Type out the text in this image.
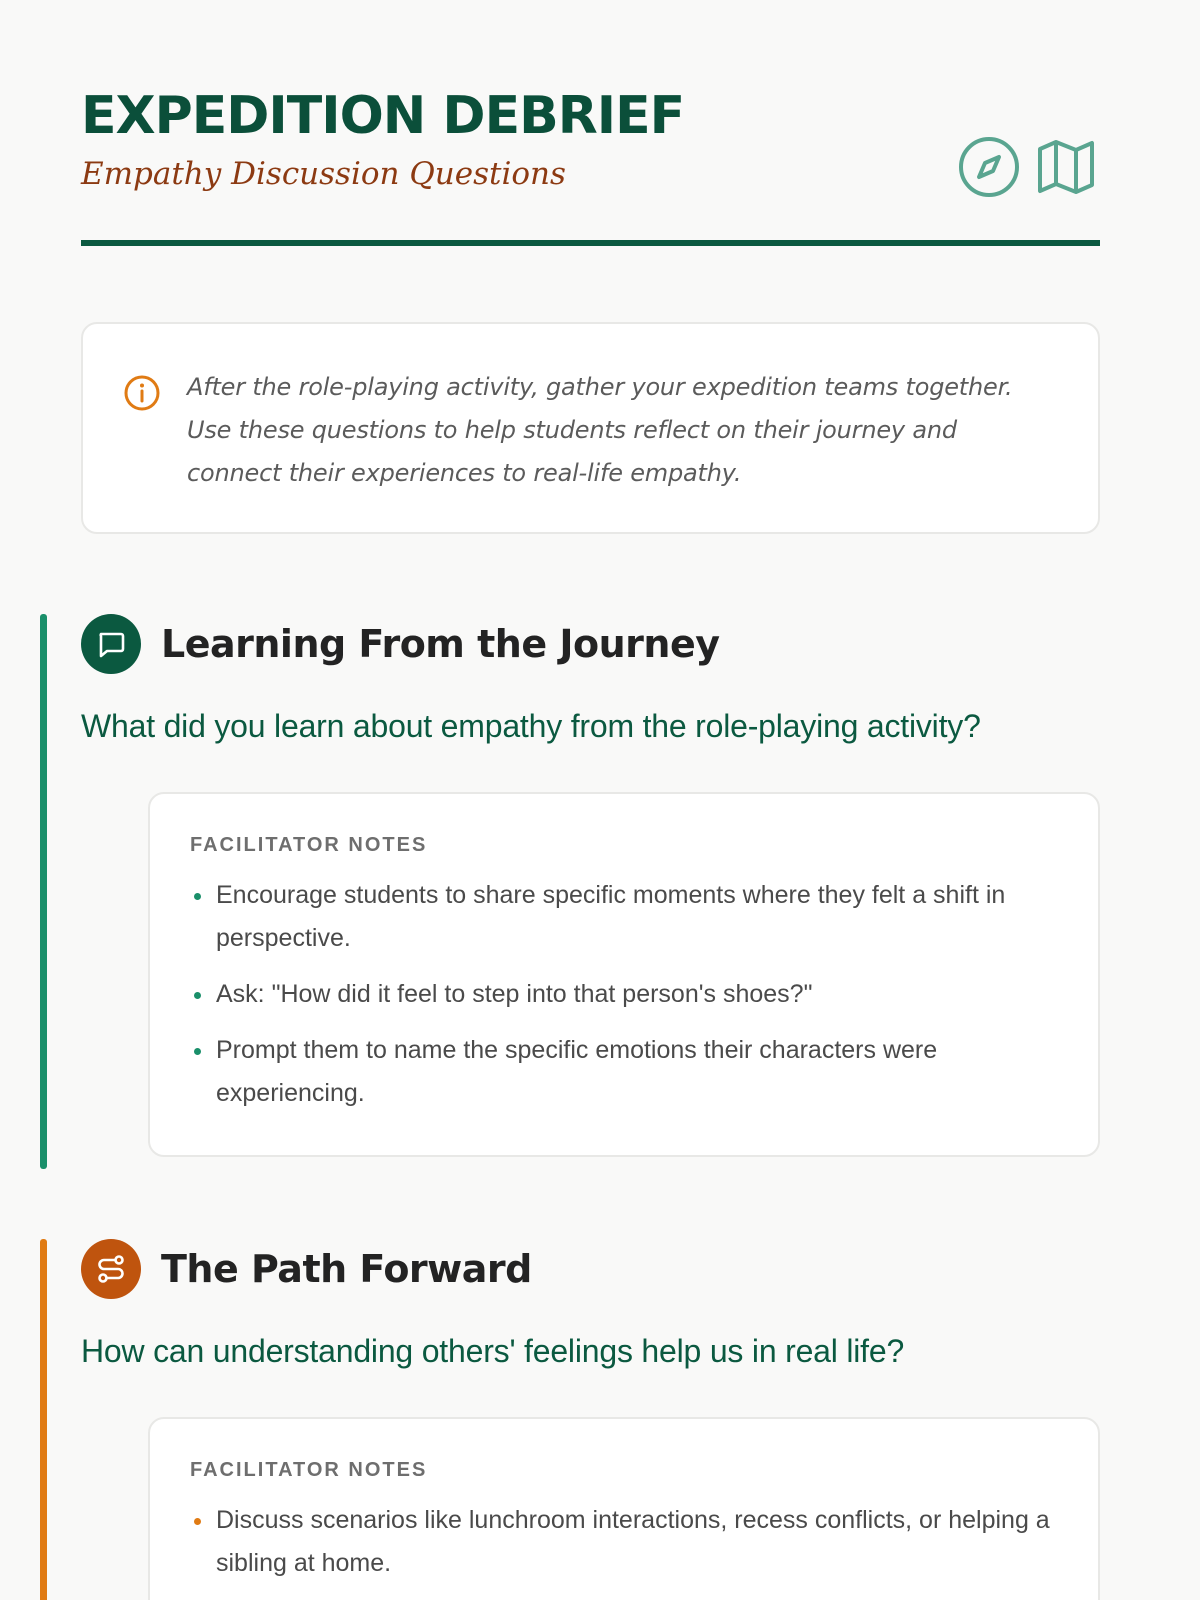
EXPEDITION DEBRIEF
Empathy Discussion Questions

After the role-playing activity, gather your expedition teams together. Use these questions to help students reflect on their journey and connect their experiences to real-life empathy.

Learning From the Journey

What did you learn about empathy from the role-playing activity?

FACILITATOR NOTES
Encourage students to share specific moments where they felt a shift in perspective.
Ask: "How did it feel to step into that person's shoes?"
Prompt them to name the specific emotions their characters were experiencing.
The Path Forward

How can understanding others' feelings help us in real life?

FACILITATOR NOTES
Discuss scenarios like lunchroom interactions, recess conflicts, or helping a sibling at home.
